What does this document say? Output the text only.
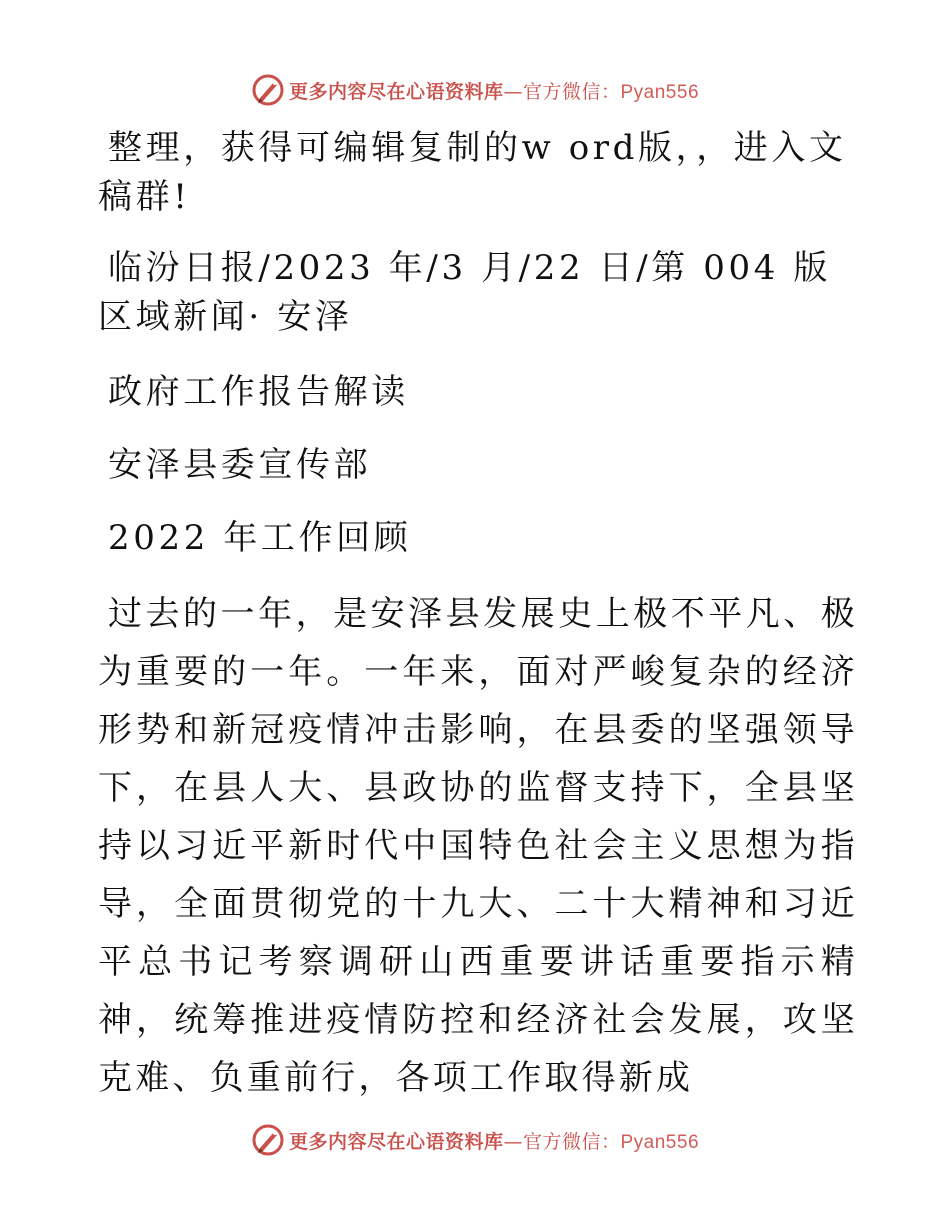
更多内容尽在心语资料库—官方微信：Pyan556

整理，获得可编辑复制的w ord版，，进入文稿群!

临汾日报/2023 年/3 月/22 日/第 004 版区域新闻· 安泽

政府工作报告解读

安泽县委宣传部

2022 年工作回顾

过去的一年，是安泽县发展史上极不平凡、极为重要的一年。一年来，面对严峻复杂的经济形势和新冠疫情冲击影响，在县委的坚强领导下，在县人大、县政协的监督支持下，全县坚持以习近平新时代中国特色社会主义思想为指导，全面贯彻党的十九大、二十大精神和习近平总书记考察调研山西重要讲话重要指示精神，统筹推进疫情防控和经济社会发展，攻坚克难、负重前行，各项工作取得新成

更多内容尽在心语资料库—官方微信：Pyan556
